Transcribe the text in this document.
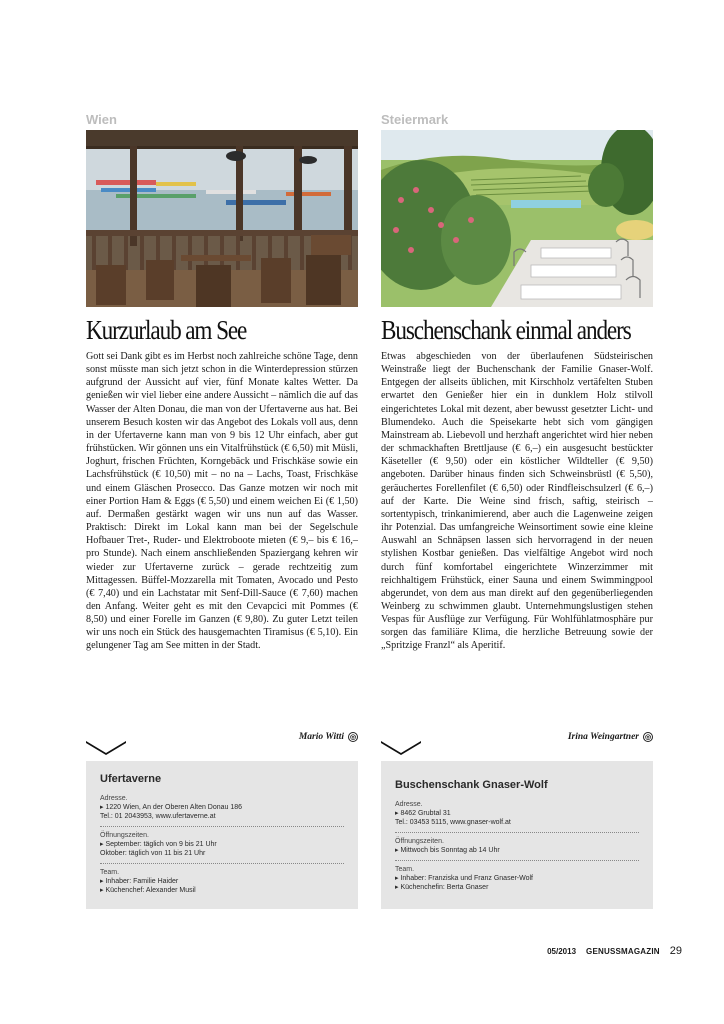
Wien
Kurzurlaub am See
Gott sei Dank gibt es im Herbst noch zahlreiche schöne Tage, denn sonst müsste man sich jetzt schon in die Winterdepression stürzen aufgrund der Aussicht auf vier, fünf Monate kaltes Wetter. Da genießen wir viel lieber eine andere Aussicht – nämlich die auf das Wasser der Alten Donau, die man von der Ufertaverne aus hat. Bei unserem Besuch kosten wir das Angebot des Lokals voll aus, denn in der Ufertaverne kann man von 9 bis 12 Uhr einfach, aber gut frühstücken. Wir gönnen uns ein Vitalfrühstück (€ 6,50) mit Müsli, Joghurt, frischen Früchten, Korngebäck und Frischkäse sowie ein Lachsfrühstück (€ 10,50) mit – no na – Lachs, Toast, Frischkäse und einem Gläschen Prosecco. Das Ganze motzen wir noch mit einer Portion Ham & Eggs (€ 5,50) und einem weichen Ei (€ 1,50) auf. Dermaßen gestärkt wagen wir uns nun auf das Wasser. Praktisch: Direkt im Lokal kann man bei der Segelschule Hofbauer Tret-, Ruder- und Elektroboote mieten (€ 9,– bis € 16,– pro Stunde). Nach einem anschließenden Spaziergang kehren wir wieder zur Ufertaverne zurück – gerade rechtzeitig zum Mittagessen. Büffel-Mozzarella mit Tomaten, Avocado und Pesto (€ 7,40) und ein Lachstatar mit Senf-Dill-Sauce (€ 7,60) machen den Anfang. Weiter geht es mit den Cevapcici mit Pommes (€ 8,50) und einer Forelle im Ganzen (€ 9,80). Zu guter Letzt teilen wir uns noch ein Stück des hausgemachten Tiramisus (€ 5,10). Ein gelungener Tag am See mitten in der Stadt.
Mario Witti ◎
Steiermark
Buschenschank einmal anders
Etwas abgeschieden von der überlaufenen Südsteirischen Weinstraße liegt der Buchenschank der Familie Gnaser-Wolf. Entgegen der allseits üblichen, mit Kirschholz vertäfelten Stuben erwartet den Genießer hier ein in dunklem Holz stilvoll eingerichtetes Lokal mit dezent, aber bewusst gesetzter Licht- und Blumendeko. Auch die Speisekarte hebt sich vom gängigen Mainstream ab. Liebevoll und herzhaft angerichtet wird hier neben der schmackhaften Brettljause (€ 6,–) ein ausgesucht bestückter Käseteller (€ 9,50) oder ein köstlicher Wildteller (€ 9,50) angeboten. Darüber hinaus finden sich Schweinsbrüstl (€ 5,50), geräuchertes Forellenfilet (€ 6,50) oder Rindfleischsulzerl (€ 6,–) auf der Karte. Die Weine sind frisch, saftig, steirisch – sortentypisch, trinkanimierend, aber auch die Lagenweine zeigen ihr Potenzial. Das umfangreiche Weinsortiment sowie eine kleine Auswahl an Schnäpsen lassen sich hervorragend in der neuen stylishen Kostbar genießen. Das vielfältige Angebot wird noch durch fünf komfortabel eingerichtete Winzerzimmer mit reichhaltigem Frühstück, einer Sauna und einem Swimmingpool abgerundet, von dem aus man direkt auf den gegenüberliegenden Weinberg zu schwimmen glaubt. Unternehmungslustigen stehen Vespas für Ausflüge zur Verfügung. Für Wohlfühlatmosphäre pur sorgen das familiäre Klima, die herzliche Betreuung sowie der „Spritzige Franzl“ als Aperitif.
Irina Weingartner ◎
Ufertaverne
Adresse.
▸ 1220 Wien, An der Oberen Alten Donau 186
Tel.: 01 2043953, www.ufertaverne.at
Öffnungszeiten.
▸ September: täglich von 9 bis 21 Uhr
Oktober: täglich von 11 bis 21 Uhr
Team.
▸ Inhaber: Familie Haider
▸ Küchenchef: Alexander Musil
Buschenschank Gnaser-Wolf
Adresse.
▸ 8462 Grubtal 31
Tel.: 03453 5115, www.gnaser-wolf.at
Öffnungszeiten.
▸ Mittwoch bis Sonntag ab 14 Uhr
Team.
▸ Inhaber: Franziska und Franz Gnaser-Wolf
▸ Küchenchefin: Berta Gnaser
05/2013 GENUSSMAGAZIN 29
